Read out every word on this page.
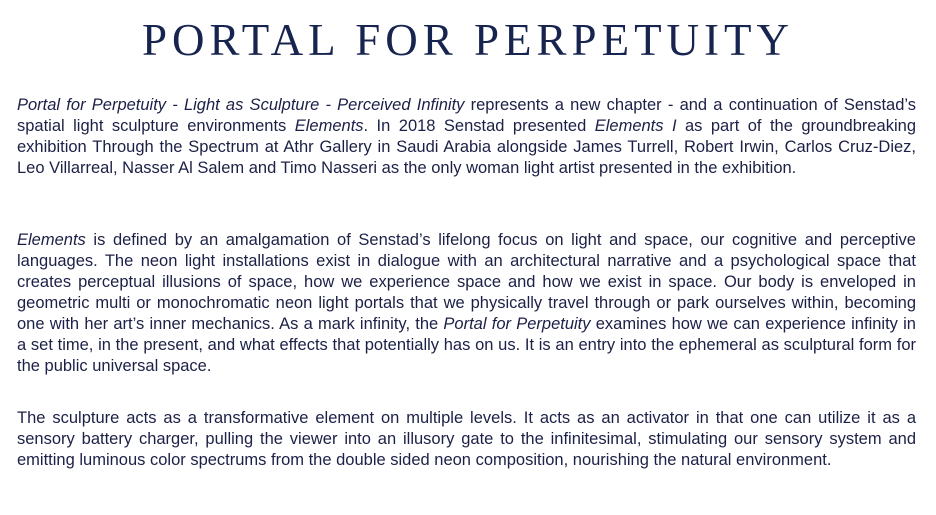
PORTAL FOR PERPETUITY

Portal for Perpetuity - Light as Sculpture - Perceived Infinity represents a new chapter - and a continuation of Senstad’s spatial light sculpture environments Elements. In 2018 Senstad presented Elements I as part of the groundbreaking exhibition Through the Spectrum at Athr Gallery in Saudi Arabia alongside James Turrell, Robert Irwin, Carlos Cruz-Diez, Leo Villarreal, Nasser Al Salem and Timo Nasseri as the only woman light artist presented in the exhibition.

Elements is defined by an amalgamation of Senstad’s lifelong focus on light and space, our cognitive and perceptive languages. The neon light installations exist in dialogue with an architectural narrative and a psychological space that creates perceptual illusions of space, how we experience space and how we exist in space. Our body is enveloped in geometric multi or monochromatic neon light portals that we physically travel through or park ourselves within, becoming one with her art’s inner mechanics. As a mark infinity, the Portal for Perpetuity examines how we can experience infinity in a set time, in the present, and what effects that potentially has on us. It is an entry into the ephemeral as sculptural form for the public universal space.

The sculpture acts as a transformative element on multiple levels. It acts as an activator in that one can utilize it as a sensory battery charger, pulling the viewer into an illusory gate to the infinitesimal, stimulating our sensory system and emitting luminous color spectrums from the double sided neon composition, nourishing the natural environment.
